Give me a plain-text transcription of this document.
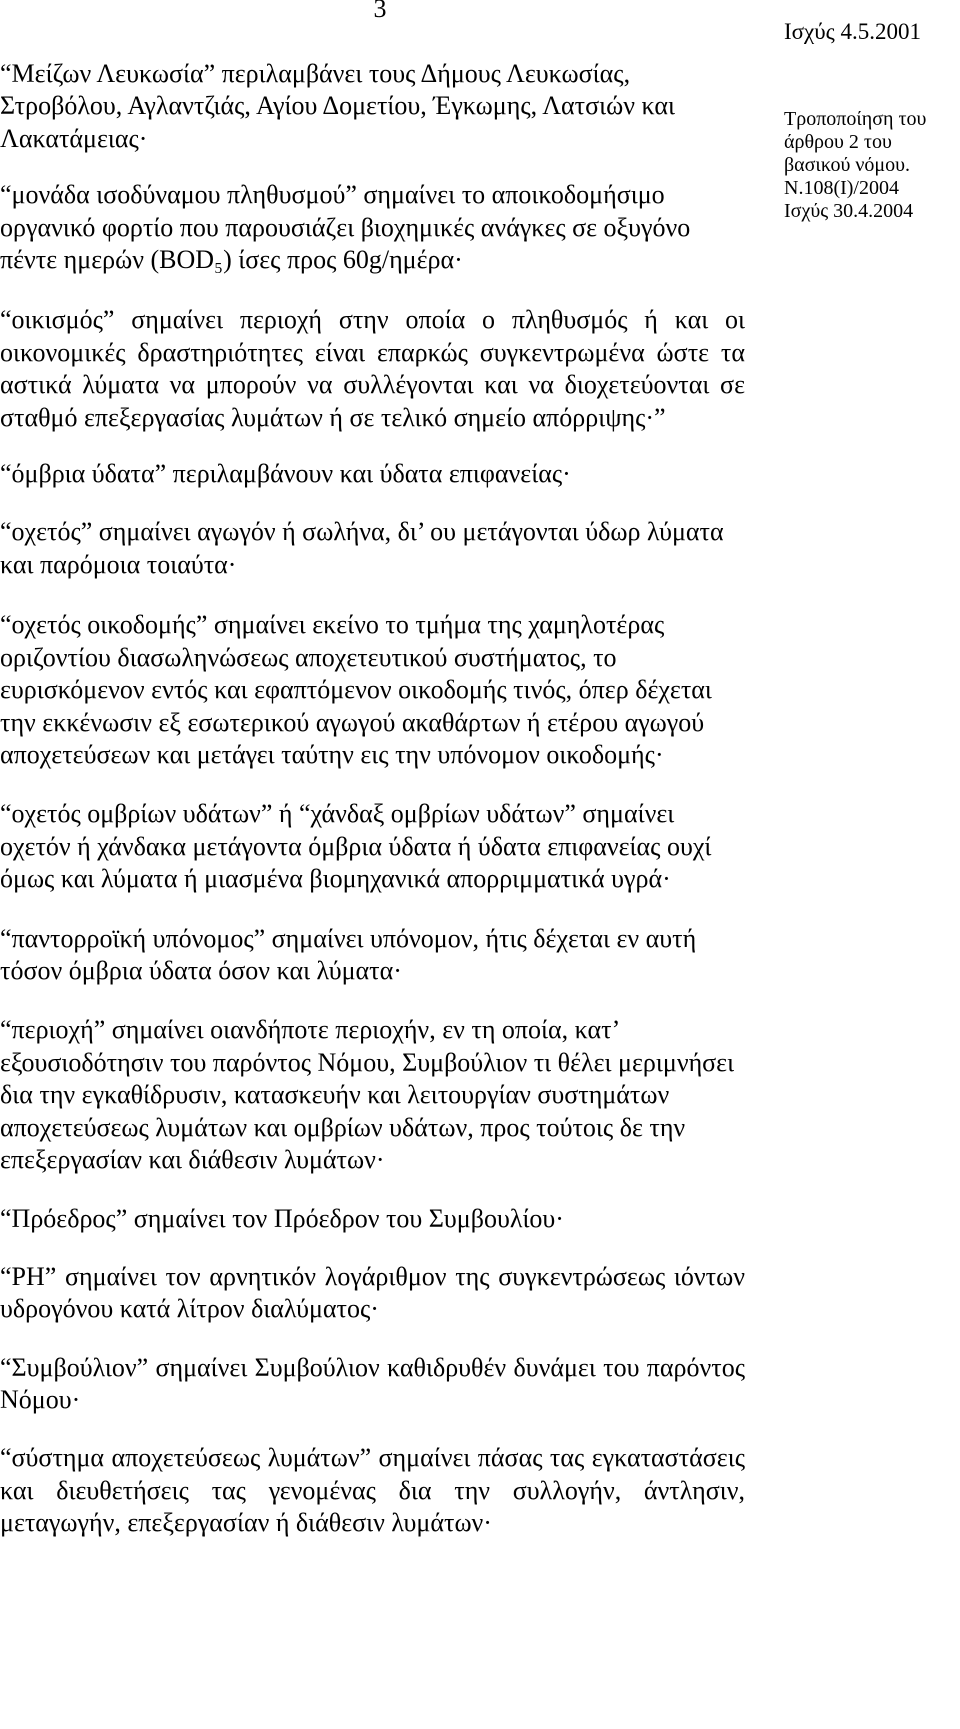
3
Ισχύς 4.5.2001
Τροποποίηση του
άρθρου 2 του
βασικού νόμου.
Ν.108(Ι)/2004
Ισχύς 30.4.2004

“Μείζων Λευκωσία” περιλαμβάνει τους Δήμους Λευκωσίας, Στροβόλου, Αγλαντζιάς, Αγίου Δομετίου, Έγκωμης, Λατσιών και Λακατάμειας·

“μονάδα ισοδύναμου πληθυσμού” σημαίνει το αποικοδομήσιμο οργανικό φορτίο που παρουσιάζει βιοχημικές ανάγκες σε οξυγόνο πέντε ημερών (BOD₅) ίσες προς 60g/ημέρα·

“οικισμός” σημαίνει περιοχή στην οποία ο πληθυσμός ή και οι οικονομικές δραστηριότητες είναι επαρκώς συγκεντρωμένα ώστε τα αστικά λύματα να μπορούν να συλλέγονται και να διοχετεύονται σε σταθμό επεξεργασίας λυμάτων ή σε τελικό σημείο απόρριψης·”

“όμβρια ύδατα” περιλαμβάνουν και ύδατα επιφανείας·

“οχετός” σημαίνει αγωγόν ή σωλήνα, δι’ ου μετάγονται ύδωρ λύματα και παρόμοια τοιαύτα·

“οχετός οικοδομής” σημαίνει εκείνο το τμήμα της χαμηλοτέρας οριζοντίου διασωληνώσεως αποχετευτικού συστήματος, το ευρισκόμενον εντός και εφαπτόμενον οικοδομής τινός, όπερ δέχεται την εκκένωσιν εξ εσωτερικού αγωγού ακαθάρτων ή ετέρου αγωγού αποχετεύσεων και μετάγει ταύτην εις την υπόνομον οικοδομής·

“οχετός ομβρίων υδάτων” ή “χάνδαξ ομβρίων υδάτων” σημαίνει οχετόν ή χάνδακα μετάγοντα όμβρια ύδατα ή ύδατα επιφανείας ουχί όμως και λύματα ή μιασμένα βιομηχανικά απορριμματικά υγρά·

“παντορροϊκή υπόνομος” σημαίνει υπόνομον, ήτις δέχεται εν αυτή τόσον όμβρια ύδατα όσον και λύματα·

“περιοχή” σημαίνει οιανδήποτε περιοχήν, εν τη οποία, κατ’ εξουσιοδότησιν του παρόντος Νόμου, Συμβούλιον τι θέλει μεριμνήσει δια την εγκαθίδρυσιν, κατασκευήν και λειτουργίαν συστημάτων αποχετεύσεως λυμάτων και ομβρίων υδάτων, προς τούτοις δε την επεξεργασίαν και διάθεσιν λυμάτων·

“Πρόεδρος” σημαίνει τον Πρόεδρον του Συμβουλίου·

“PH” σημαίνει τον αρνητικόν λογάριθμον της συγκεντρώσεως ιόντων υδρογόνου κατά λίτρον διαλύματος·

“Συμβούλιον” σημαίνει Συμβούλιον καθιδρυθέν δυνάμει του παρόντος Νόμου·

“σύστημα αποχετεύσεως λυμάτων” σημαίνει πάσας τας εγκαταστάσεις και διευθετήσεις τας γενομένας δια την συλλογήν, άντλησιν, μεταγωγήν, επεξεργασίαν ή διάθεσιν λυμάτων·
